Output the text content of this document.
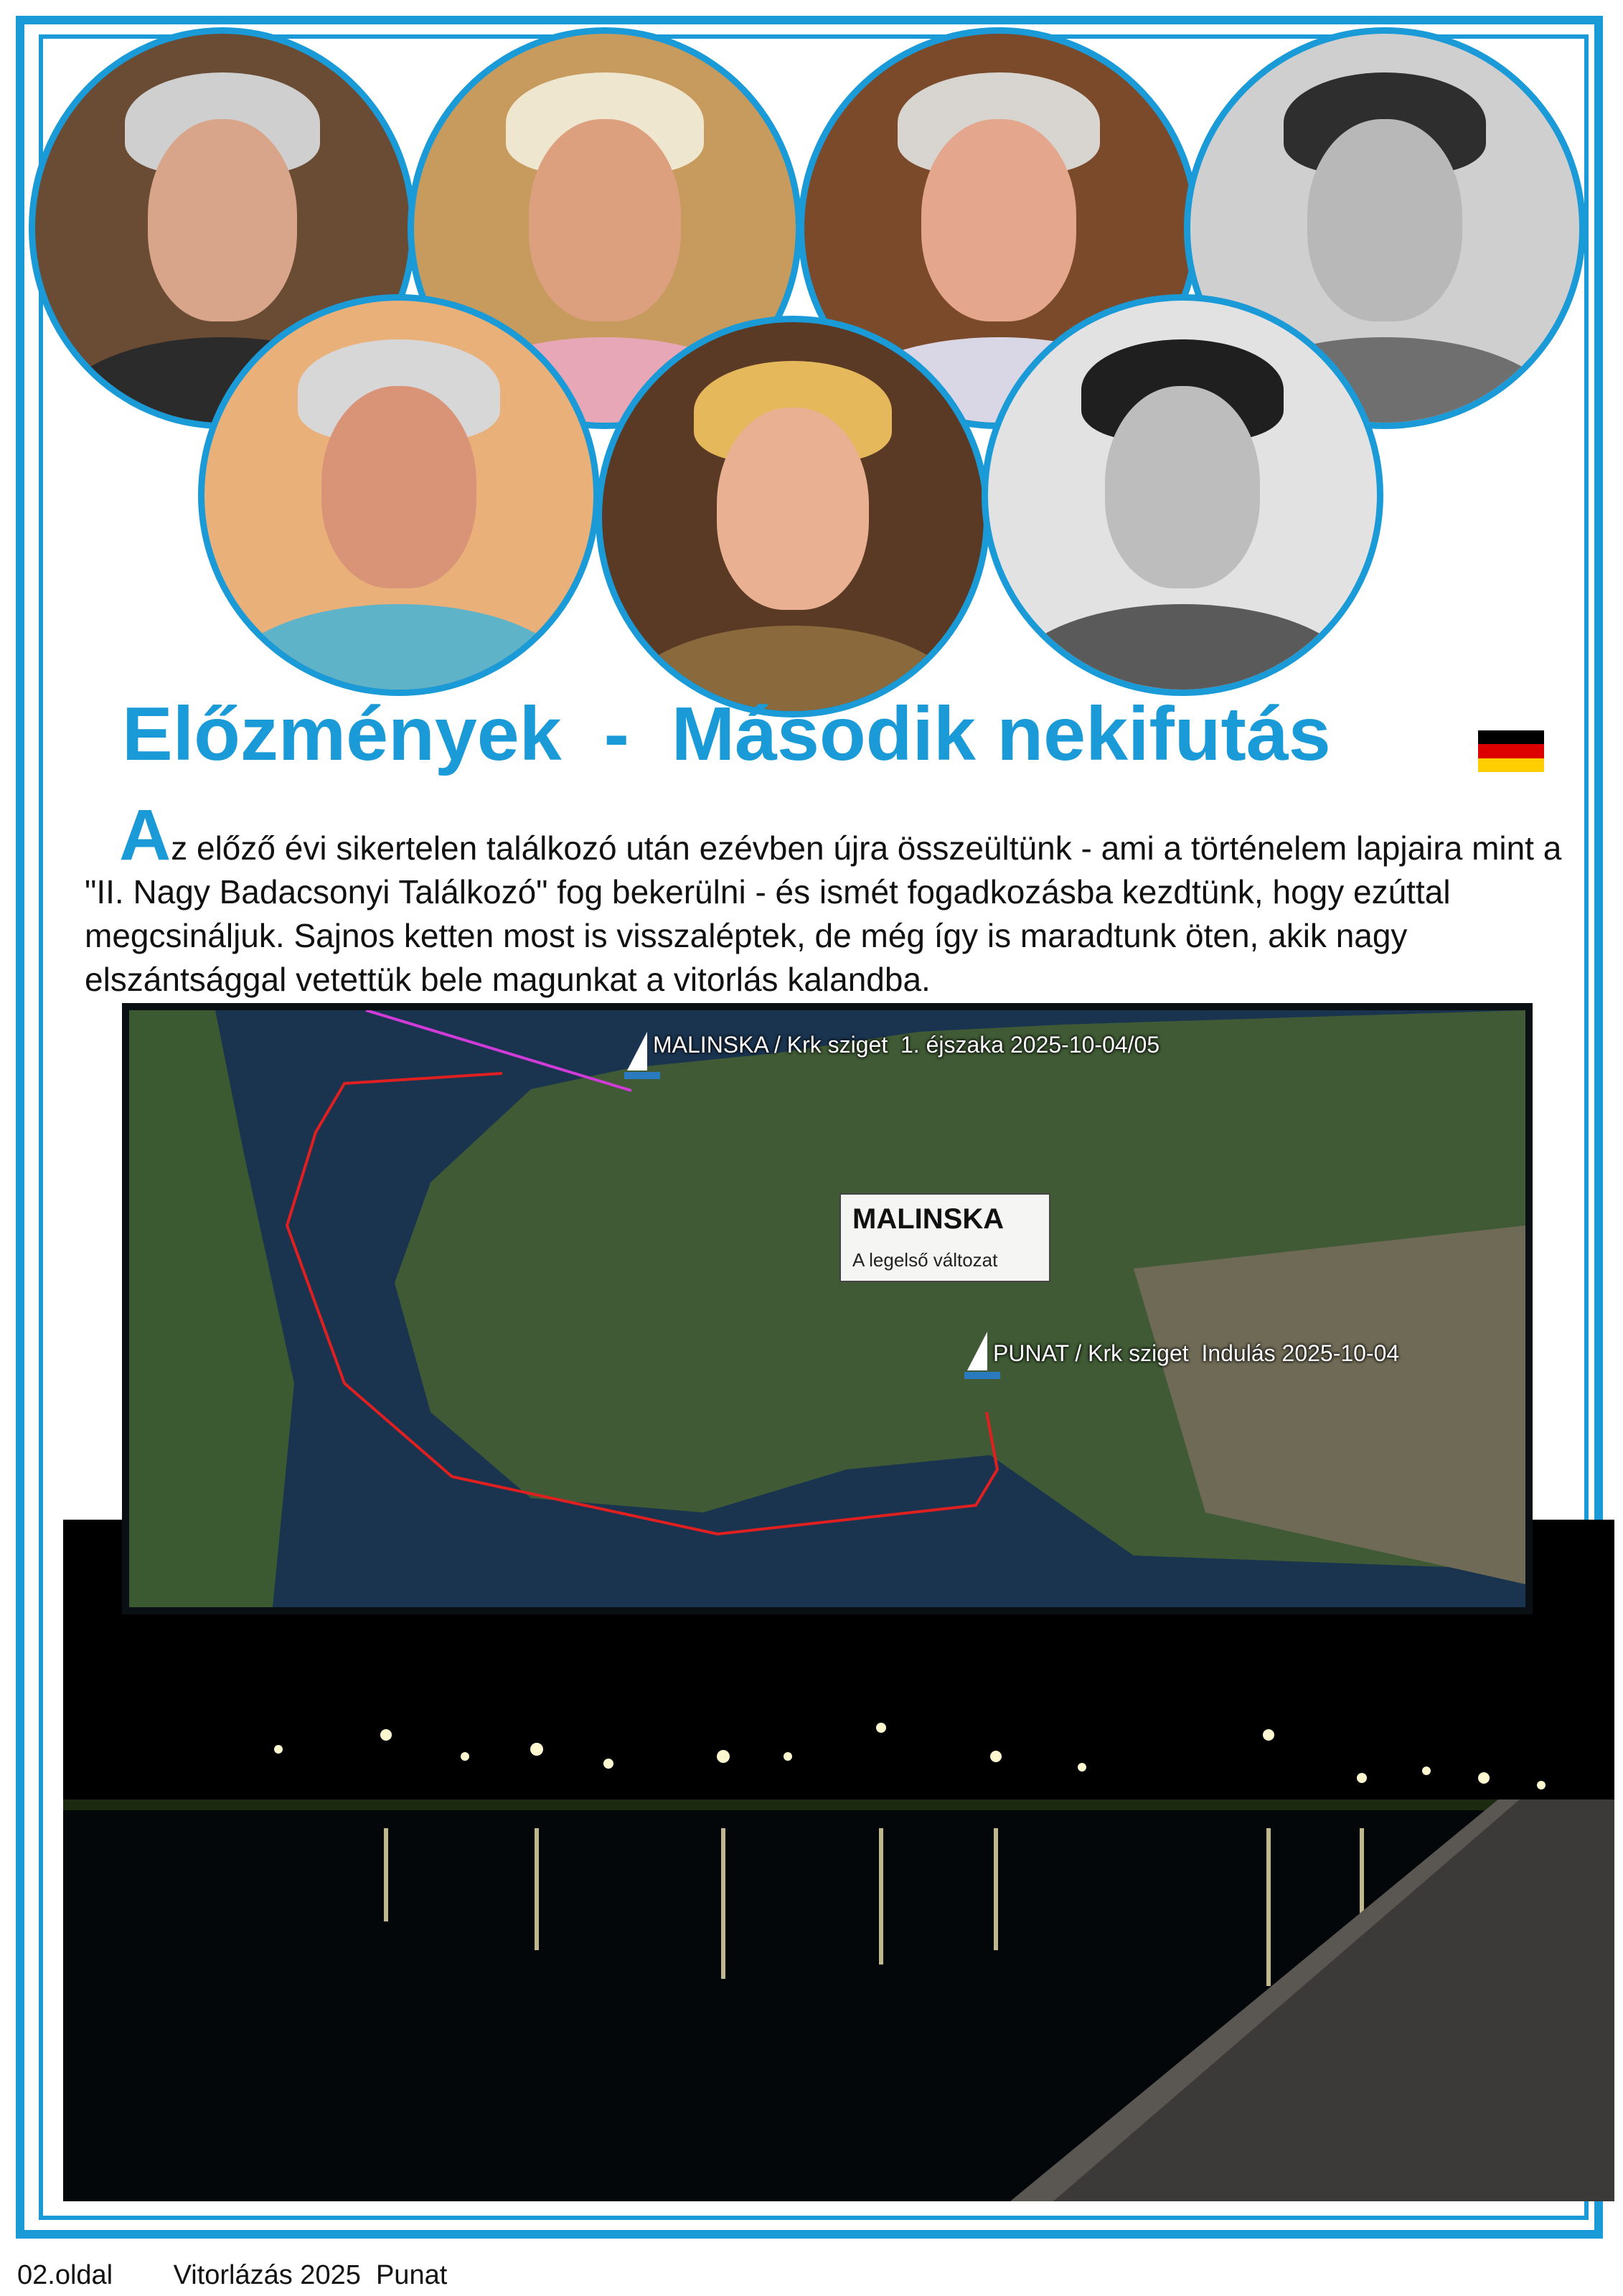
Előzmények  -  Második nekifutás

Az előző évi sikertelen találkozó után ezévben újra összeültünk - ami a történelem lapjaira mint a "II. Nagy Badacsonyi Találkozó" fog bekerülni - és ismét fogadkozásba kezdtünk, hogy ezúttal megcsináljuk. Sajnos ketten most is visszaléptek, de még így is maradtunk öten, akik nagy elszántsággal vetettük bele magunkat a vitorlás kalandba.

MALINSKA / Krk sziget  1. éjszaka 2025-10-04/05
PUNAT / Krk sziget  Indulás 2025-10-04
MALINSKA
A legelső változat
02.oldal Vitorlázás 2025  Punat
